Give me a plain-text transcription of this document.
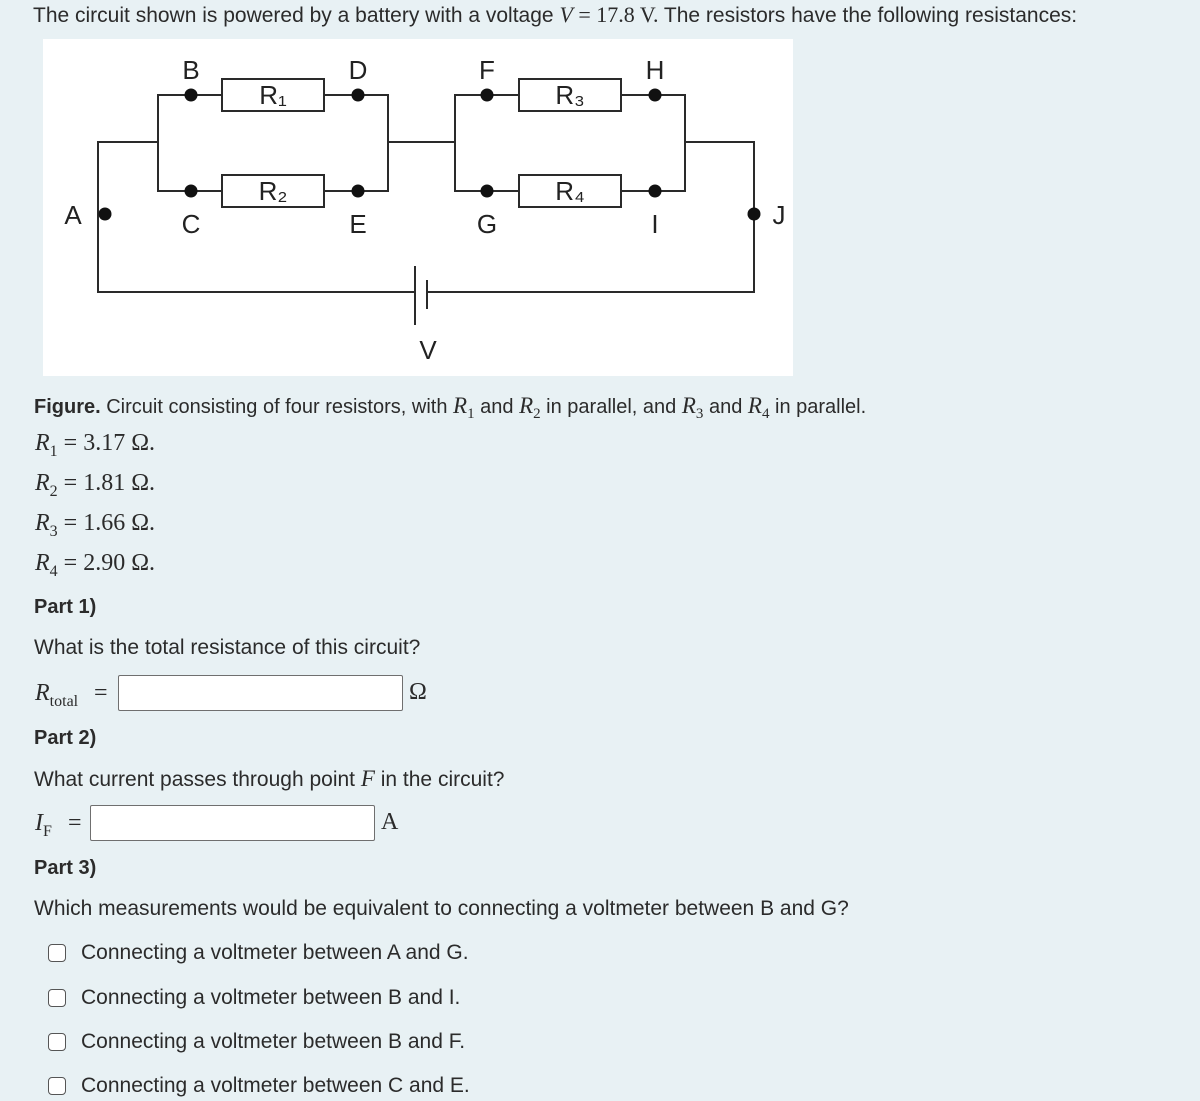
The circuit shown is powered by a battery with a voltage V = 17.8 V. The resistors have the following resistances:
A
B
C
D
E
F
G
H
I	J
R₁
R₂
R₃
R₄
V
Figure. Circuit consisting of four resistors, with $R_1$ and $R_2$ in parallel, and $R_3$ and $R_4$ in parallel.
$R_1 = 3.17$ Ω.
$R_2 = 1.81$ Ω.
$R_3 = 1.66$ Ω.
$R_4 = 2.90$ Ω.
Part 1)
What is the total resistance of this circuit?
$R_{total}$ =	Ω
Part 2)
What current passes through point F in the circuit?
$I_F$ =	A
Part 3)
Which measurements would be equivalent to connecting a voltmeter between B and G?
Connecting a voltmeter between A and G.
Connecting a voltmeter between B and I.
Connecting a voltmeter between B and F.
Connecting a voltmeter between C and E.
